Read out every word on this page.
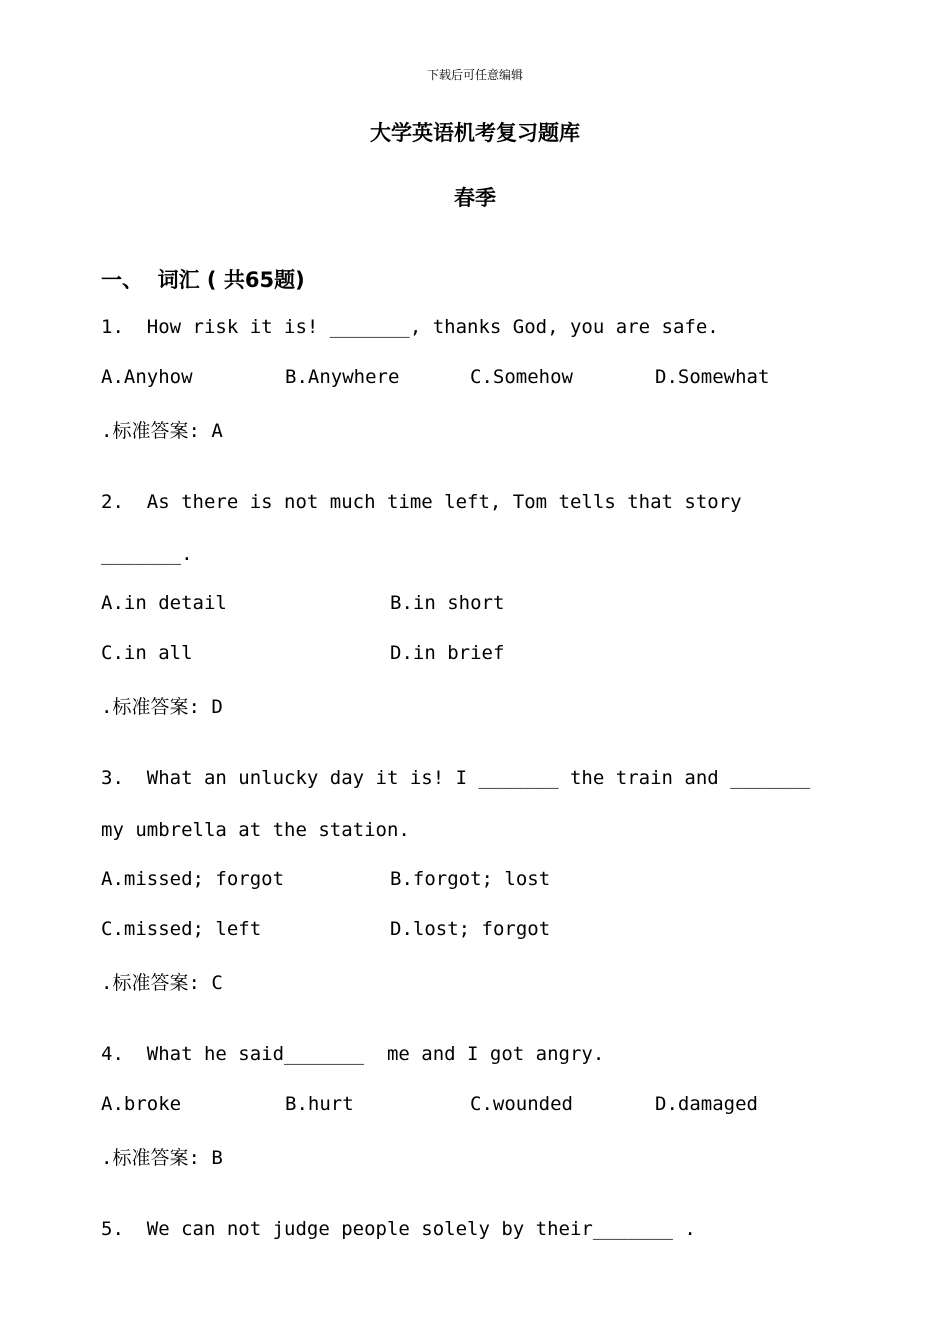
下载后可任意编辑
大学英语机考复习题库
春季
一、  词汇 ( 共65题)
1.  How risk it is! _______, thanks God, you are safe.
A.Anyhow	B.Anywhere	C.Somehow	D.Somewhat
.标准答案: A
2.  As there is not much time left, Tom tells that story
_______.
A.in detail	B.in short
C.in all	D.in brief
.标准答案: D
3.  What an unlucky day it is! I _______ the train and _______
my umbrella at the station.
A.missed; forgot	B.forgot; lost
C.missed; left	D.lost; forgot
.标准答案: C
4.  What he said_______  me and I got angry.
A.broke	B.hurt	C.wounded	D.damaged
.标准答案: B
5.  We can not judge people solely by their_______ .
